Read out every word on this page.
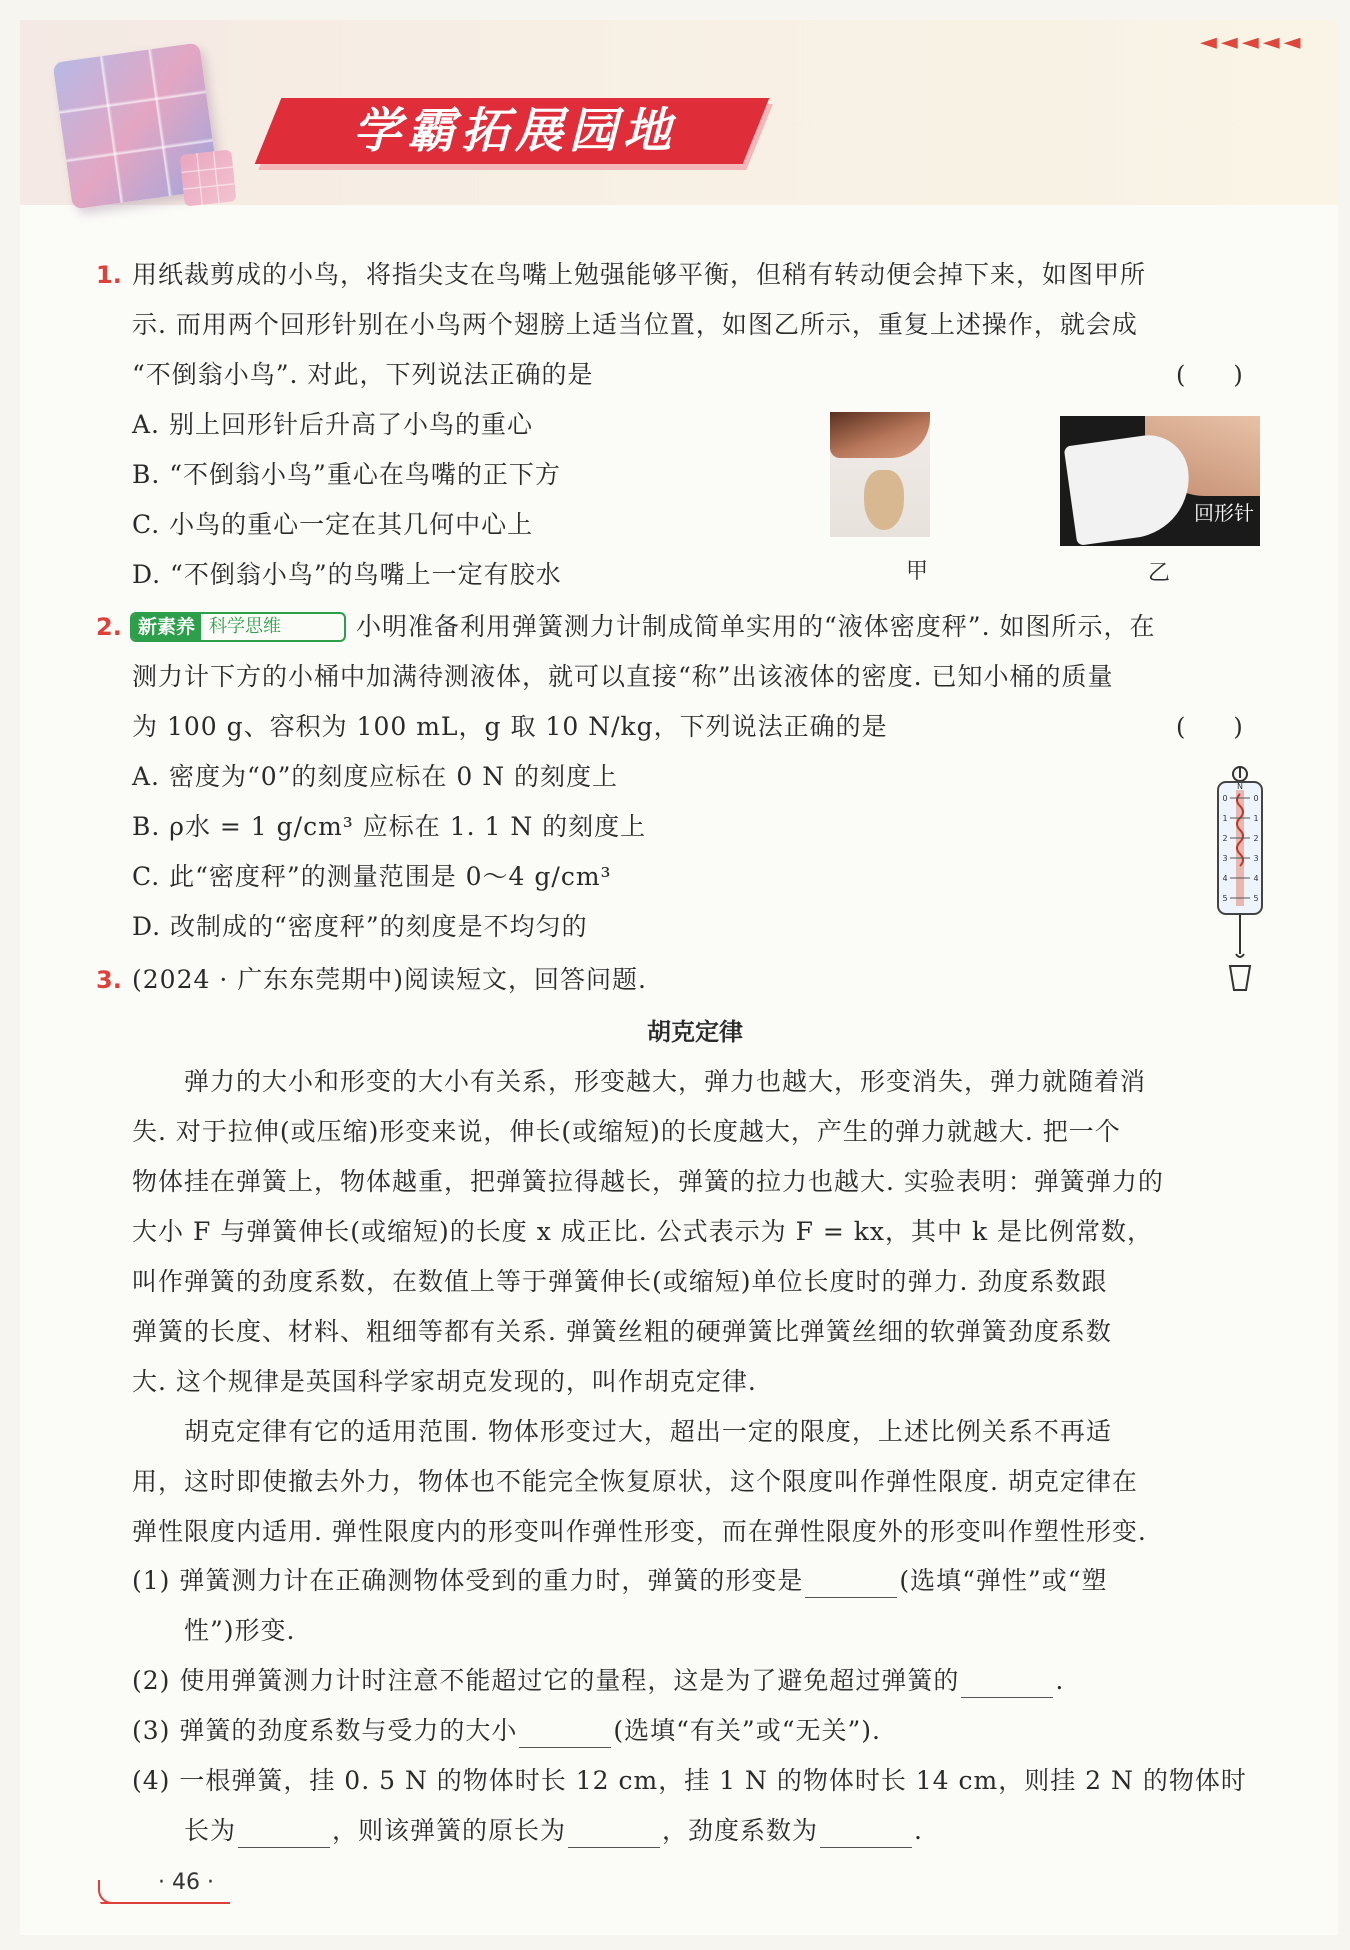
学霸拓展园地
◄◄◄◄◄
1. 用纸裁剪成的小鸟，将指尖支在鸟嘴上勉强能够平衡，但稍有转动便会掉下来，如图甲所
示. 而用两个回形针别在小鸟两个翅膀上适当位置，如图乙所示，重复上述操作，就会成
“不倒翁小鸟”. 对此，下列说法正确的是	(　　)
A. 别上回形针后升高了小鸟的重心
B. “不倒翁小鸟”重心在鸟嘴的正下方
C. 小鸟的重心一定在其几何中心上
D. “不倒翁小鸟”的鸟嘴上一定有胶水	甲
回形针
乙
2. 新素养 科学思维	小明准备利用弹簧测力计制成简单实用的“液体密度秤”. 如图所示，在
测力计下方的小桶中加满待测液体，就可以直接“称”出该液体的密度. 已知小桶的质量
为 100 g、容积为 100 mL，g 取 10 N/kg，下列说法正确的是	(　　)
A. 密度为“0”的刻度应标在 0 N 的刻度上
B. ρ水 = 1 g/cm³ 应标在 1. 1 N 的刻度上
C. 此“密度秤”的测量范围是 0～4 g/cm³
D. 改制成的“密度秤”的刻度是不均匀的
0	0
1	1
2	2
3	3
4	4
5	5
N
3. (2024 · 广东东莞期中)阅读短文，回答问题.
胡克定律
　　弹力的大小和形变的大小有关系，形变越大，弹力也越大，形变消失，弹力就随着消
失. 对于拉伸(或压缩)形变来说，伸长(或缩短)的长度越大，产生的弹力就越大. 把一个
物体挂在弹簧上，物体越重，把弹簧拉得越长，弹簧的拉力也越大. 实验表明：弹簧弹力的
大小 F 与弹簧伸长(或缩短)的长度 x 成正比. 公式表示为 F = kx，其中 k 是比例常数，
叫作弹簧的劲度系数，在数值上等于弹簧伸长(或缩短)单位长度时的弹力. 劲度系数跟
弹簧的长度、材料、粗细等都有关系. 弹簧丝粗的硬弹簧比弹簧丝细的软弹簧劲度系数
大. 这个规律是英国科学家胡克发现的，叫作胡克定律.
　　胡克定律有它的适用范围. 物体形变过大，超出一定的限度，上述比例关系不再适
用，这时即使撤去外力，物体也不能完全恢复原状，这个限度叫作弹性限度. 胡克定律在
弹性限度内适用. 弹性限度内的形变叫作弹性形变，而在弹性限度外的形变叫作塑性形变.
(1) 弹簧测力计在正确测物体受到的重力时，弹簧的形变是	(选填“弹性”或“塑
性”)形变.
(2) 使用弹簧测力计时注意不能超过它的量程，这是为了避免超过弹簧的	.
(3) 弹簧的劲度系数与受力的大小	(选填“有关”或“无关”).
(4) 一根弹簧，挂 0. 5 N 的物体时长 12 cm，挂 1 N 的物体时长 14 cm，则挂 2 N 的物体时
长为	，则该弹簧的原长为	，劲度系数为	.
· 46 ·
